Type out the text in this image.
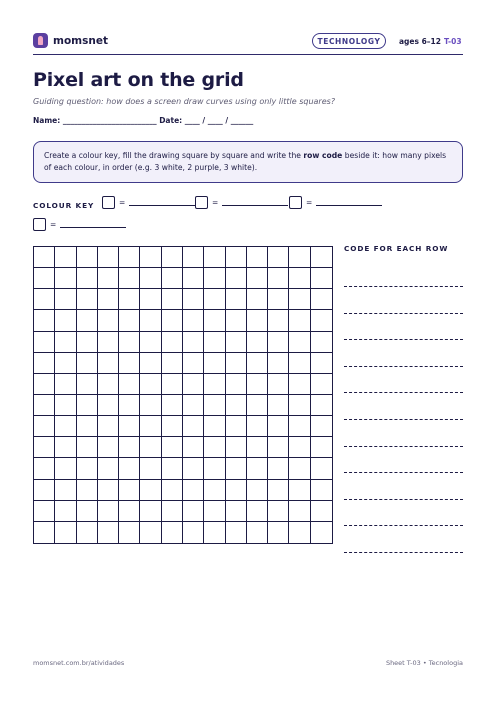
momsnet	TECHNOLOGY	ages 6–12 T-03
Pixel art on the grid
Guiding question: how does a screen draw curves using only little squares?
Name: _________________________ Date: ____ / ____ / ______
Create a colour key, fill the drawing square by square and write the row code beside it: how many pixels of each colour, in order (e.g. 3 white, 2 purple, 3 white).
COLOUR KEY	=	=	=
=
CODE FOR EACH ROW
momsnet.com.br/atividades	Sheet T-03 • Tecnologia
